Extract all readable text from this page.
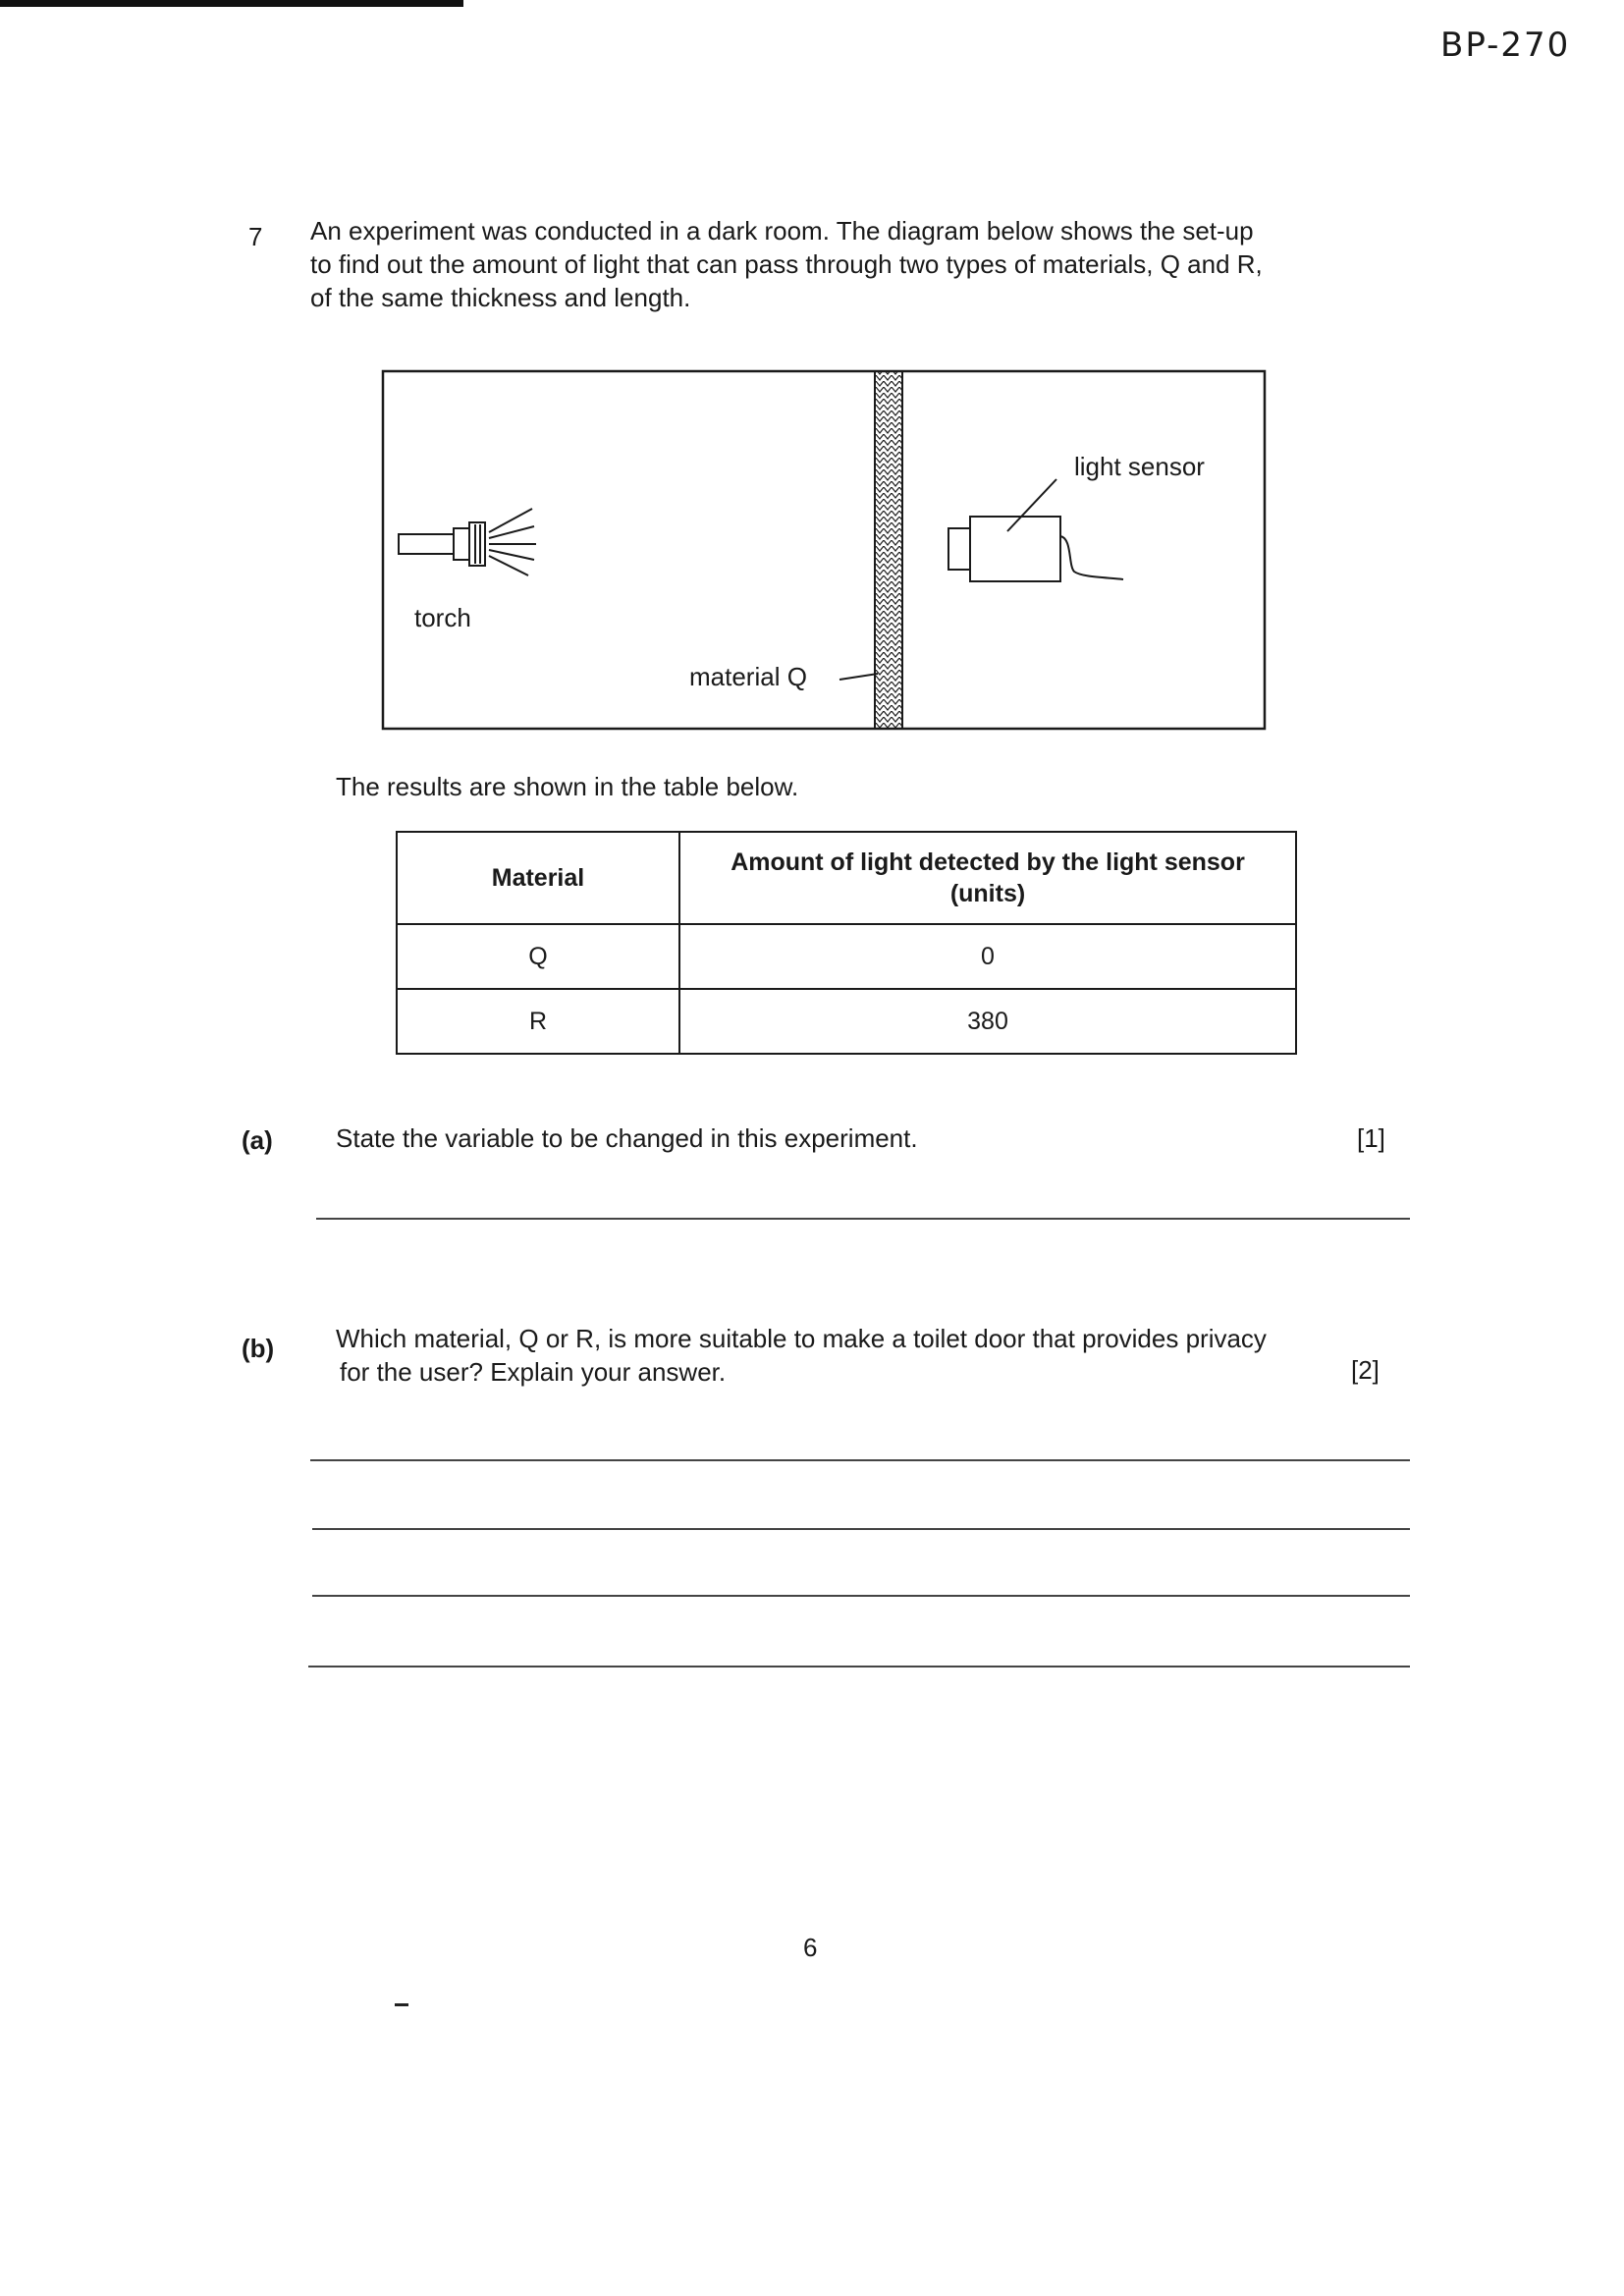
BP-270
7 An experiment was conducted in a dark room. The diagram below shows the set-up
to find out the amount of light that can pass through two types of materials, Q and R,
of the same thickness and length.
torch
material Q
light sensor
The results are shown in the table below.
Material	Amount of light detected by the light sensor
(units)

Q	0
R	380
(a) State the variable to be changed in this experiment.	[1]
(b) Which material, Q or R, is more suitable to make a toilet door that provides privacy
for the user? Explain your answer.	[2]
6
